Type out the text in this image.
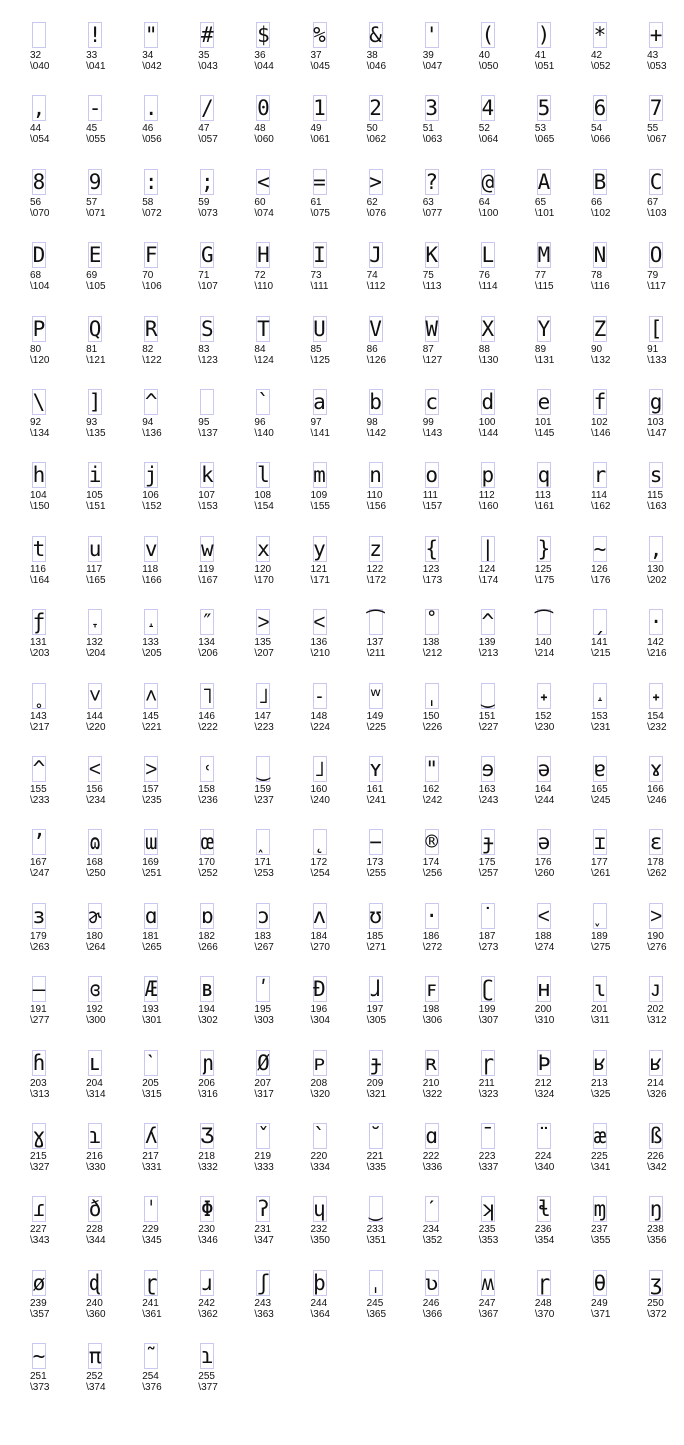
32
\040
!
33
\041
"
34
\042
#
35
\043
$
36
\044
%
37
\045
&
38
\046
'
39
\047
(
40
\050
)
41
\051
*
42
\052
+
43
\053
,
44
\054
-
45
\055
.
46
\056
/
47
\057
0
48
\060
1
49
\061
2
50
\062
3
51
\063
4
52
\064
5
53
\065
6
54
\066
7
55
\067
8
56
\070
9
57
\071
:
58
\072
;
59
\073
<
60
\074
=
61
\075
>
62
\076
?
63
\077
@
64
\100
A
65
\101
B
66
\102
C
67
\103
D
68
\104
E
69
\105
F
70
\106
G
71
\107
H
72
\110
I
73
\111
J
74
\112
K
75
\113
L
76
\114
M
77
\115
N
78
\116
O
79
\117
P
80
\120
Q
81
\121
R
82
\122
S
83
\123
T
84
\124
U
85
\125
V
86
\126
W
87
\127
X
88
\130
Y
89
\131
Z
90
\132
[
91
\133
\
92
\134
]
93
\135
^
94
\136
95
\137
`
96
\140
a
97
\141
b
98
\142
c
99
\143
d
100
\144
e
101
\145
f
102
\146
g
103
\147
h
104
\150
i
105
\151
j
106
\152
k
107
\153
l
108
\154
m
109
\155
n
110
\156
o
111
\157
p
112
\160
q
113
\161
r
114
\162
s
115
\163
t
116
\164
u
117
\165
v
118
\166
w
119
\167
x
120
\170
y
121
\171
z
122
\172
{
123
\173
|
124
\174
}
125
\175
~
126
\176
,
130
\202
ƒ
131
\203
˕
132
\204
˔
133
\205
″
134
\206
˃
135
\207
˂
136
\210
⁀
137
\211
˚
138
\212
^
139
\213
⁀
140
\214
ˏ
141
\215
·
142
\216
˳
143
\217
˅
144
\220
˄
145
\221
˥
146
\222
˩
147
\223
˗
148
\224
ʷ
149
\225
ˌ
150
\226
‿
151
\227
˖
152
\230
˔
153
\231
˖
154
\232
^
155
\233
˂
156
\234
˃
157
\235
˓
158
\236
‿
159
\237
˩
160
\240
ʏ
161
\241
"
162
\242
ɘ
163
\243
ə
164
\244
ɐ
165
\245
ɤ
166
\246
ʼ
167
\247
ɷ
168
\250
ɯ
169
\251
œ
170
\252
˰
171
\253
˛
172
\254
−
173
\255
®
174
\256
ɟ
175
\257
ə
176
\260
ɪ
177
\261
ɛ
178
\262
ɜ
179
\263
ɚ
180
\264
ɑ
181
\265
ɒ
182
\266
ɔ
183
\267
ʌ
184
\270
ʊ
185
\271
·
186
\272
˙
187
\273
˂
188
\274
˯
189
\275
˃
190
\276
–
191
\277
ɞ
192
\300
Æ
193
\301
ʙ
194
\302
ʹ
195
\303
Đ
196
\304
ɺ
197
\305
ꜰ
198
\306
ʗ
199
\307
ʜ
200
\310
ɩ
201
\311
ᴊ
202
\312
ɦ
203
\313
ʟ
204
\314
ˋ
205
\315
ɲ
206
\316
Ø
207
\317
ᴘ
208
\320
ɟ
209
\321
ʀ
210
\322
ɼ
211
\323
Þ
212
\324
ʁ
213
\325
ʁ
214
\326
ɣ
215
\327
ɿ
216
\330
ʎ
217
\331
Ʒ
218
\332
ˇ
219
\333
`
220
\334
˘
221
\335
ɑ
222
\336
¯
223
\337
¨
224
\340
æ
225
\341
ß
226
\342
ɾ
227
\343
ð
228
\344
ˈ
229
\345
Φ
230
\346
ʔ
231
\347
ɥ
232
\350
‿
233
\351
ˊ
234
\352
ʞ
235
\353
ɬ
236
\354
ɱ
237
\355
ŋ
238
\356
ø
239
\357
ɖ
240
\360
ɽ
241
\361
ɹ
242
\362
ʃ
243
\363
þ
244
\364
ˌ
245
\365
ʋ
246
\366
ʍ
247
\367
ɼ
248
\370
θ
249
\371
ʒ
250
\372
~
251
\373
π
252
\374
˜
254
\376
ɿ
255
\377
